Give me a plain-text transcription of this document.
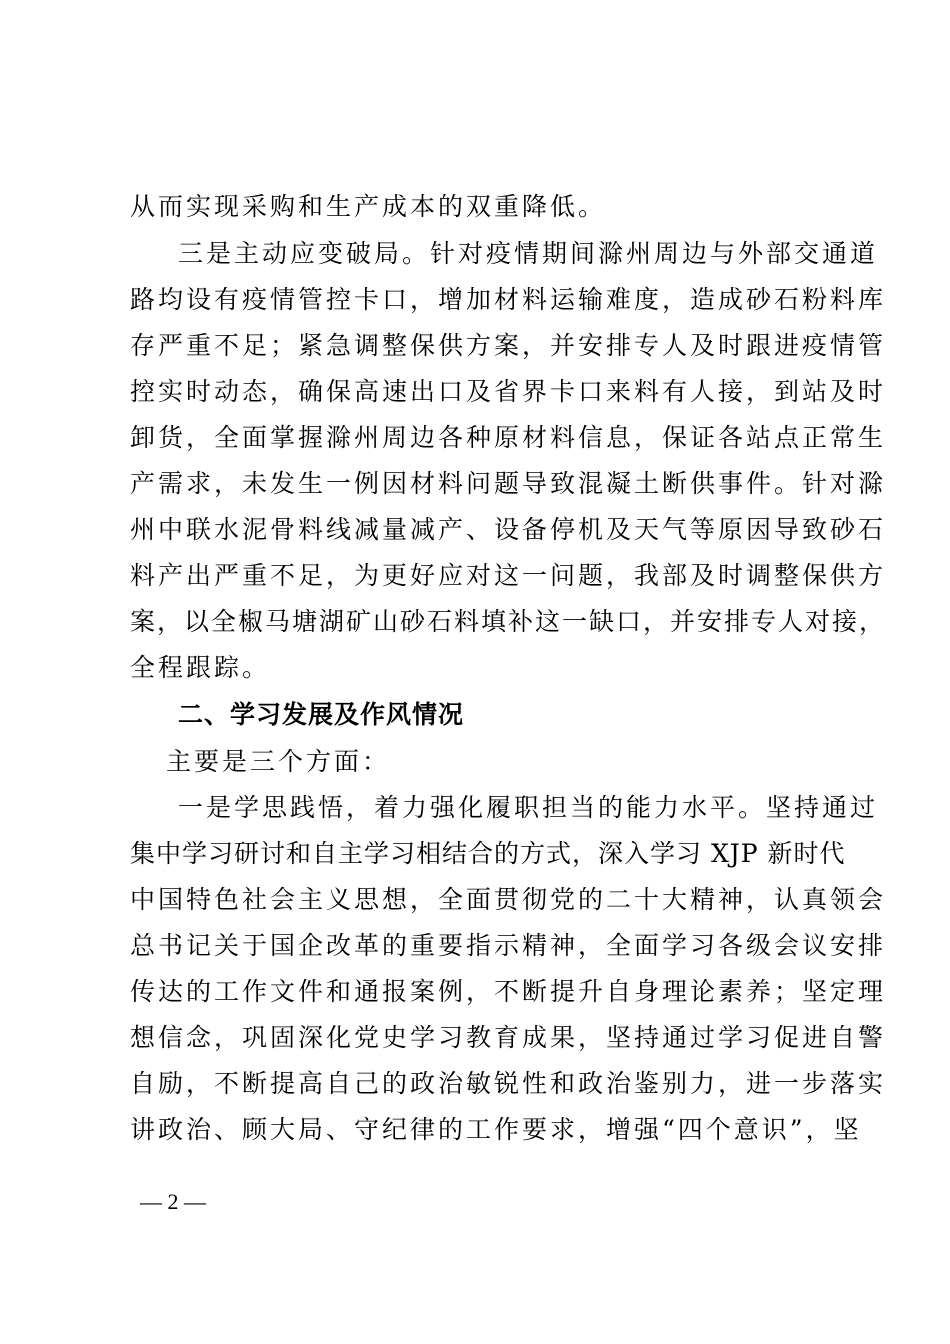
从而实现采购和生产成本的双重降低。
三是主动应变破局。针对疫情期间滁州周边与外部交通道
路均设有疫情管控卡口，增加材料运输难度，造成砂石粉料库
存严重不足；紧急调整保供方案，并安排专人及时跟进疫情管
控实时动态，确保高速出口及省界卡口来料有人接，到站及时
卸货，全面掌握滁州周边各种原材料信息，保证各站点正常生
产需求，未发生一例因材料问题导致混凝土断供事件。针对滁
州中联水泥骨料线减量减产、设备停机及天气等原因导致砂石
料产出严重不足，为更好应对这一问题，我部及时调整保供方
案，以全椒马塘湖矿山砂石料填补这一缺口，并安排专人对接，
全程跟踪。
二、学习发展及作风情况
主要是三个方面：
一是学思践悟，着力强化履职担当的能力水平。坚持通过
集中学习研讨和自主学习相结合的方式，深入学习 XJP 新时代
中国特色社会主义思想，全面贯彻党的二十大精神，认真领会
总书记关于国企改革的重要指示精神，全面学习各级会议安排
传达的工作文件和通报案例，不断提升自身理论素养；坚定理
想信念，巩固深化党史学习教育成果，坚持通过学习促进自警
自励，不断提高自己的政治敏锐性和政治鉴别力，进一步落实
讲政治、顾大局、守纪律的工作要求，增强“四个意识”，坚
— 2 —
